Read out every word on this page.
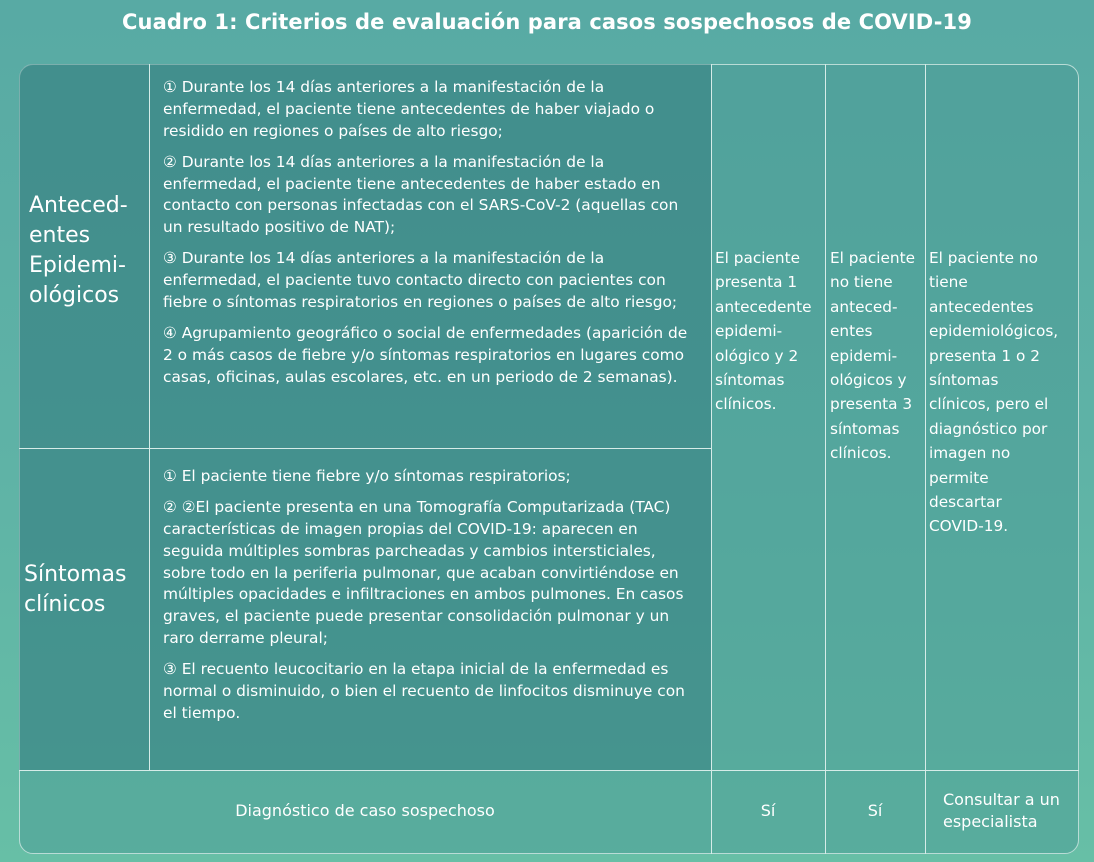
Cuadro 1: Criterios de evaluación para casos sospechosos de COVID-19
Anteced-
entes
Epidemi-
ológicos
Síntomas
clínicos

① Durante los 14 días anteriores a la manifestación de la enfermedad, el paciente tiene antecedentes de haber viajado o residido en regiones o países de alto riesgo;

② Durante los 14 días anteriores a la manifestación de la enfermedad, el paciente tiene antecedentes de haber estado en contacto con personas infectadas con el SARS-CoV-2 (aquellas con un resultado positivo de NAT);

③ Durante los 14 días anteriores a la manifestación de la enfermedad, el paciente tuvo contacto directo con pacientes con fiebre o síntomas respiratorios en regiones o países de alto riesgo;

④ Agrupamiento geográfico o social de enfermedades (aparición de 2 o más casos de fiebre y/o síntomas respiratorios en lugares como casas, oficinas, aulas escolares, etc. en un periodo de 2 semanas).

① El paciente tiene fiebre y/o síntomas respiratorios;

② ②El paciente presenta en una Tomografía Computarizada (TAC) características de imagen propias del COVID-19: aparecen en seguida múltiples sombras parcheadas y cambios intersticiales, sobre todo en la periferia pulmonar, que acaban convirtiéndose en múltiples opacidades e infiltraciones en ambos pulmones. En casos graves, el paciente puede presentar consolidación pulmonar y un raro derrame pleural;

③ El recuento leucocitario en la etapa inicial de la enfermedad es normal o disminuido, o bien el recuento de linfocitos disminuye con el tiempo.

El paciente
presenta 1
antecedente
epidemi-
ológico y 2
síntomas
clínicos.
El paciente
no tiene
anteced-
entes
epidemi-
ológicos y
presenta 3
síntomas
clínicos.
El paciente no
tiene
antecedentes
epidemiológicos,
presenta 1 o 2
síntomas
clínicos, pero el
diagnóstico por
imagen no
permite
descartar
COVID-19.
Diagnóstico de caso sospechoso	Sí	Sí
Consultar a un
especialista
